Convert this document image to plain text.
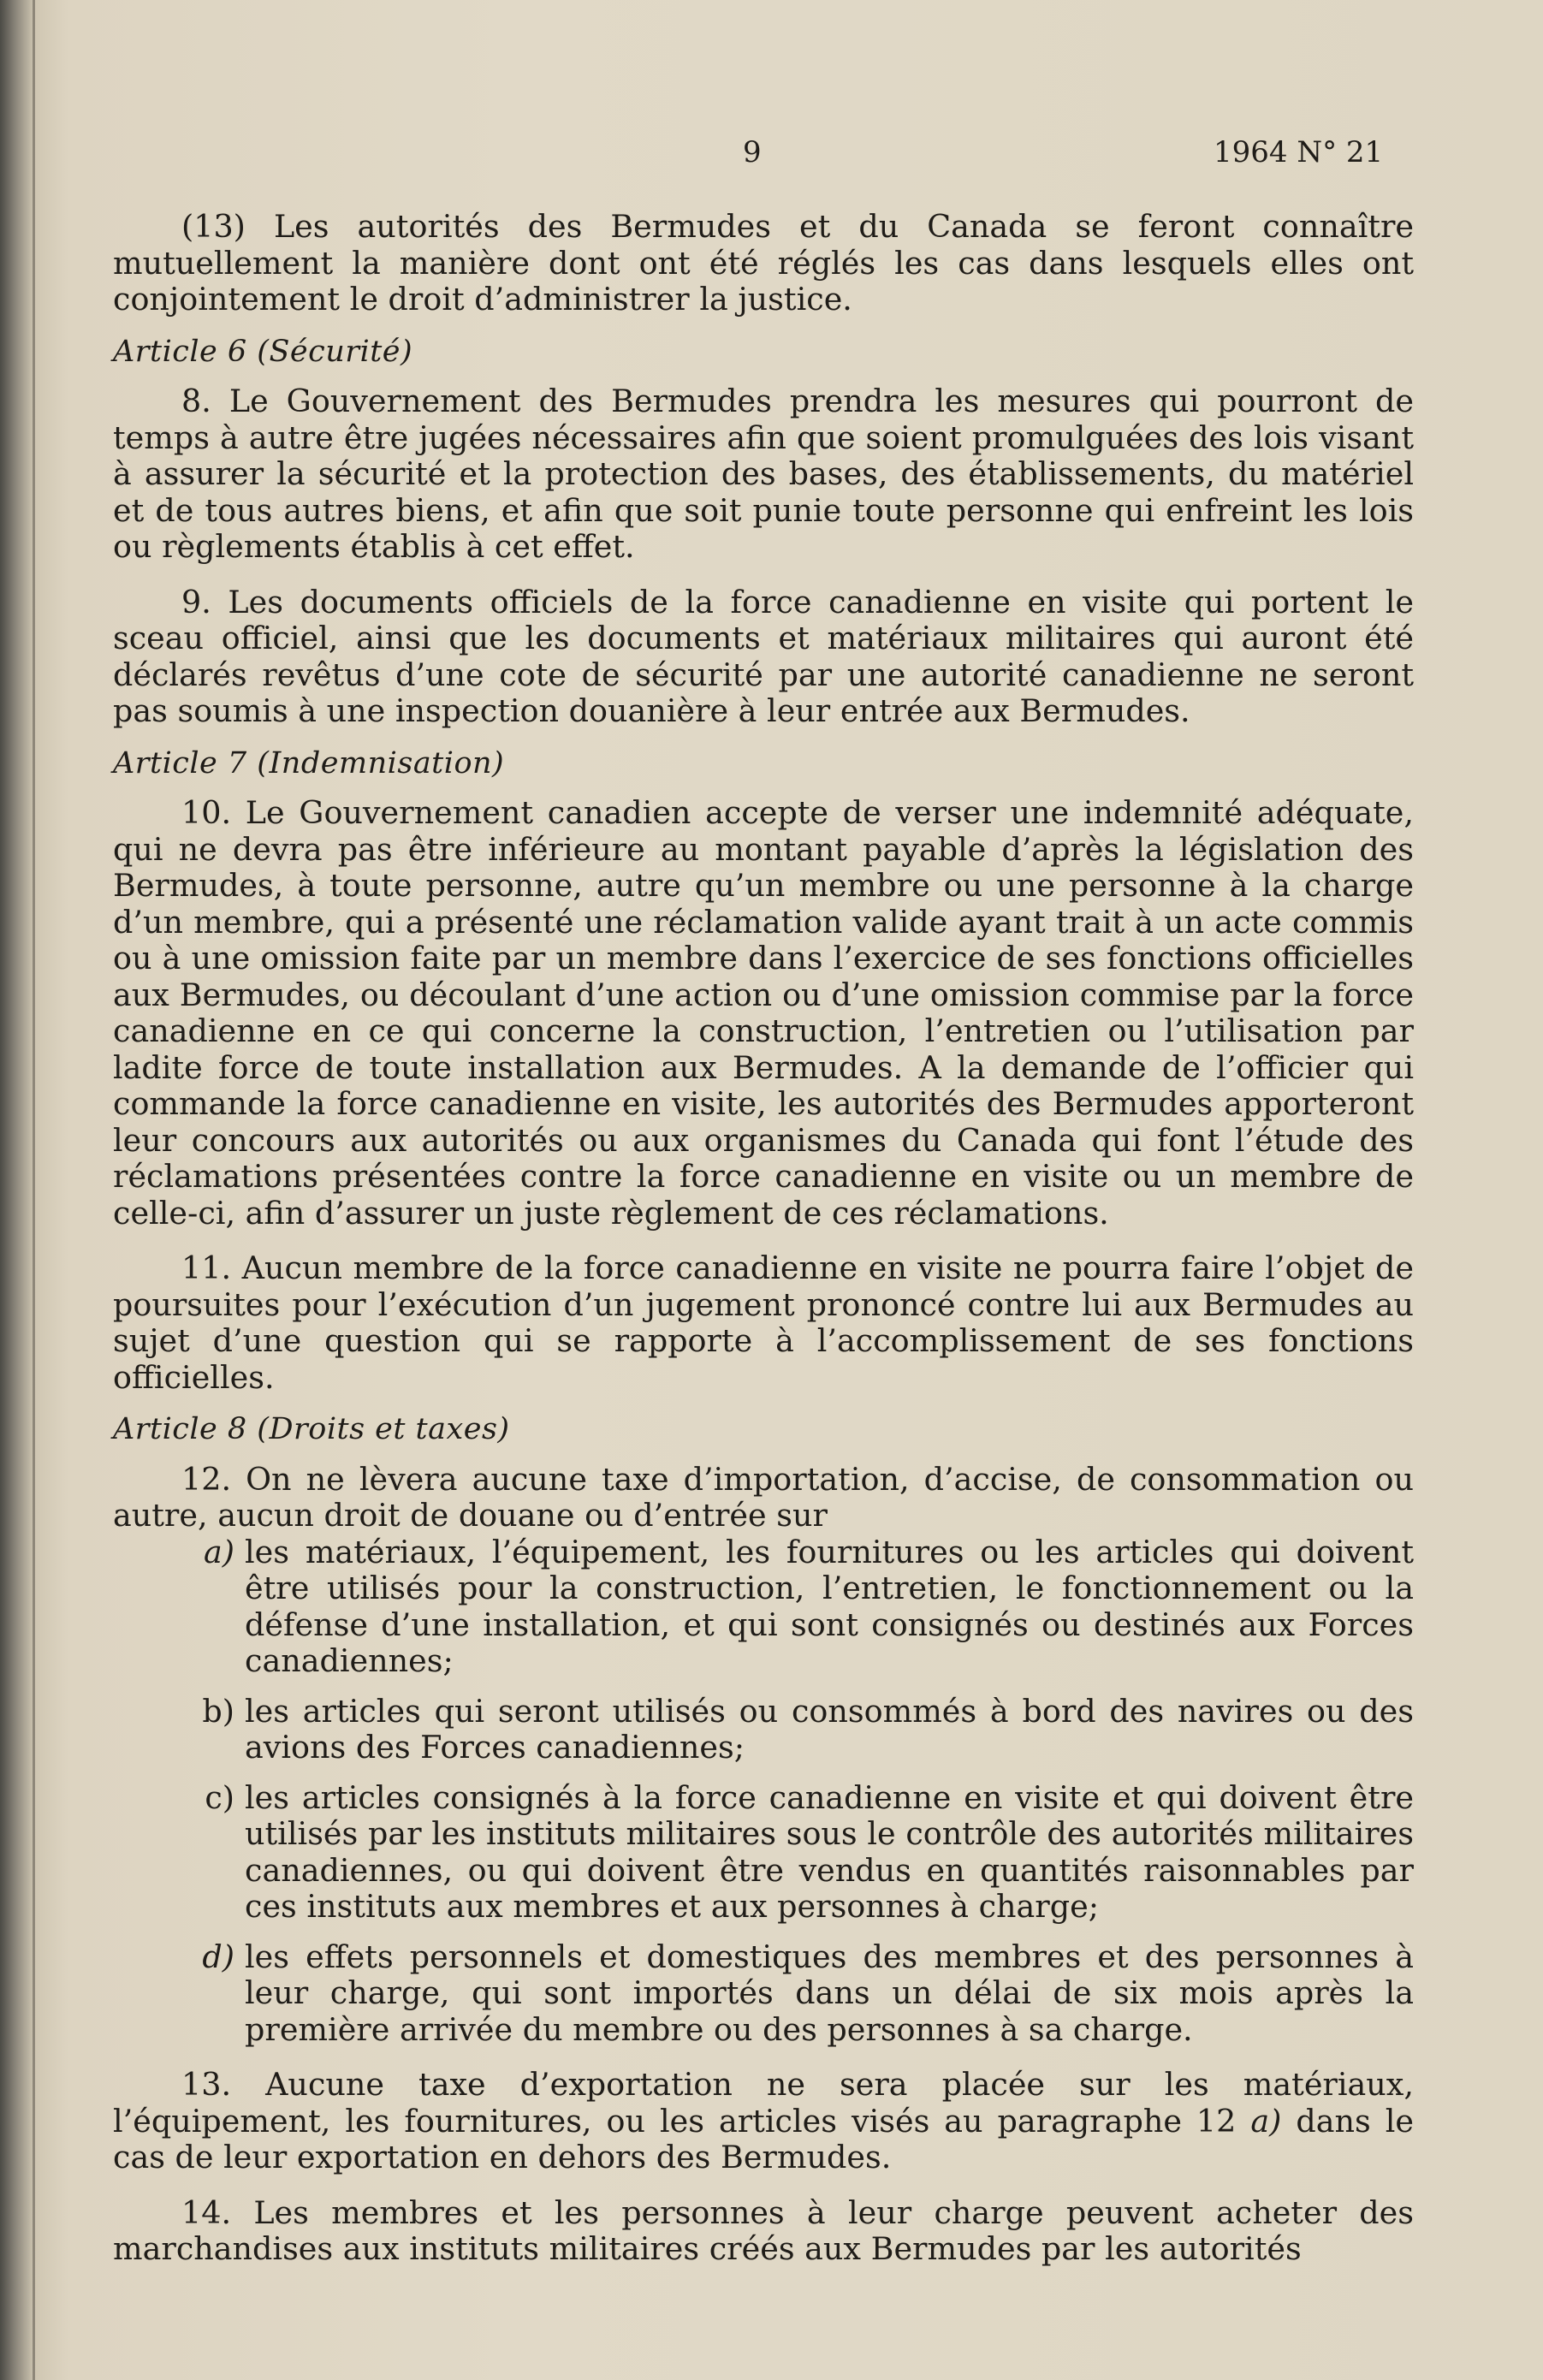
9	1964 N° 21

(13) Les autorités des Bermudes et du Canada se feront connaître mutuellement la manière dont ont été réglés les cas dans lesquels elles ont conjointement le droit d’administrer la justice.

Article 6 (Sécurité)

8. Le Gouvernement des Bermudes prendra les mesures qui pourront de temps à autre être jugées nécessaires afin que soient promulguées des lois visant à assurer la sécurité et la protection des bases, des établissements, du matériel et de tous autres biens, et afin que soit punie toute personne qui enfreint les lois ou règlements établis à cet effet.

9. Les documents officiels de la force canadienne en visite qui portent le sceau officiel, ainsi que les documents et matériaux militaires qui auront été déclarés revêtus d’une cote de sécurité par une autorité canadienne ne seront pas soumis à une inspection douanière à leur entrée aux Bermudes.

Article 7 (Indemnisation)

10. Le Gouvernement canadien accepte de verser une indemnité adéquate, qui ne devra pas être inférieure au montant payable d’après la législation des Bermudes, à toute personne, autre qu’un membre ou une personne à la charge d’un membre, qui a présenté une réclamation valide ayant trait à un acte commis ou à une omission faite par un membre dans l’exercice de ses fonctions officielles aux Bermudes, ou découlant d’une action ou d’une omission commise par la force canadienne en ce qui concerne la construction, l’entretien ou l’utilisation par ladite force de toute installation aux Bermudes. A la demande de l’officier qui commande la force canadienne en visite, les autorités des Bermudes apporteront leur concours aux autorités ou aux organismes du Canada qui font l’étude des réclamations présentées contre la force canadienne en visite ou un membre de celle-ci, afin d’assurer un juste règlement de ces réclamations.

11. Aucun membre de la force canadienne en visite ne pourra faire l’objet de poursuites pour l’exécution d’un jugement prononcé contre lui aux Bermudes au sujet d’une question qui se rapporte à l’accomplissement de ses fonctions officielles.

Article 8 (Droits et taxes)

12. On ne lèvera aucune taxe d’importation, d’accise, de consommation ou autre, aucun droit de douane ou d’entrée sur

a) les matériaux, l’équipement, les fournitures ou les articles qui doivent être utilisés pour la construction, l’entretien, le fonctionnement ou la défense d’une installation, et qui sont consignés ou destinés aux Forces canadiennes;
b) les articles qui seront utilisés ou consommés à bord des navires ou des avions des Forces canadiennes;
c) les articles consignés à la force canadienne en visite et qui doivent être utilisés par les instituts militaires sous le contrôle des autorités militaires canadiennes, ou qui doivent être vendus en quantités raisonnables par ces instituts aux membres et aux personnes à charge;
d) les effets personnels et domestiques des membres et des personnes à leur charge, qui sont importés dans un délai de six mois après la première arrivée du membre ou des personnes à sa charge.

13. Aucune taxe d’exportation ne sera placée sur les matériaux, l’équipement, les fournitures, ou les articles visés au paragraphe 12 a) dans le cas de leur exportation en dehors des Bermudes.

14. Les membres et les personnes à leur charge peuvent acheter des marchandises aux instituts militaires créés aux Bermudes par les autorités
